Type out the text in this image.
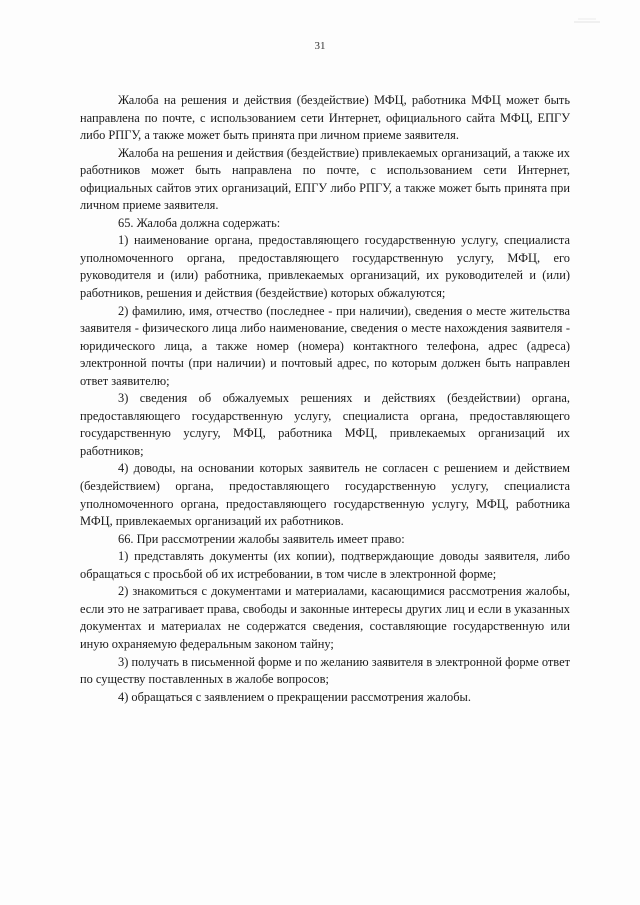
31

Жалоба на решения и действия (бездействие) МФЦ, работника МФЦ может быть направлена по почте, с использованием сети Интернет, официального сайта МФЦ, ЕПГУ либо РПГУ, а также может быть принята при личном приеме заявителя.

Жалоба на решения и действия (бездействие) привлекаемых организаций, а также их работников может быть направлена по почте, с использованием сети Интернет, официальных сайтов этих организаций, ЕПГУ либо РПГУ, а также может быть принята при личном приеме заявителя.

65. Жалоба должна содержать:

1) наименование органа, предоставляющего государственную услугу, специалиста уполномоченного органа, предоставляющего государственную услугу, МФЦ, его руководителя и (или) работника, привлекаемых организаций, их руководителей и (или) работников, решения и действия (бездействие) которых обжалуются;

2) фамилию, имя, отчество (последнее - при наличии), сведения о месте жительства заявителя - физического лица либо наименование, сведения о месте нахождения заявителя - юридического лица, а также номер (номера) контактного телефона, адрес (адреса) электронной почты (при наличии) и почтовый адрес, по которым должен быть направлен ответ заявителю;

3) сведения об обжалуемых решениях и действиях (бездействии) органа, предоставляющего государственную услугу, специалиста органа, предоставляющего государственную услугу, МФЦ, работника МФЦ, привлекаемых организаций их работников;

4) доводы, на основании которых заявитель не согласен с решением и действием (бездействием) органа, предоставляющего государственную услугу, специалиста уполномоченного органа, предоставляющего государственную услугу, МФЦ, работника МФЦ, привлекаемых организаций их работников.

66. При рассмотрении жалобы заявитель имеет право:

1) представлять документы (их копии), подтверждающие доводы заявителя, либо обращаться с просьбой об их истребовании, в том числе в электронной форме;

2) знакомиться с документами и материалами, касающимися рассмотрения жалобы, если это не затрагивает права, свободы и законные интересы других лиц и если в указанных документах и материалах не содержатся сведения, составляющие государственную или иную охраняемую федеральным законом тайну;

3) получать в письменной форме и по желанию заявителя в электронной форме ответ по существу поставленных в жалобе вопросов;

4) обращаться с заявлением о прекращении рассмотрения жалобы.
